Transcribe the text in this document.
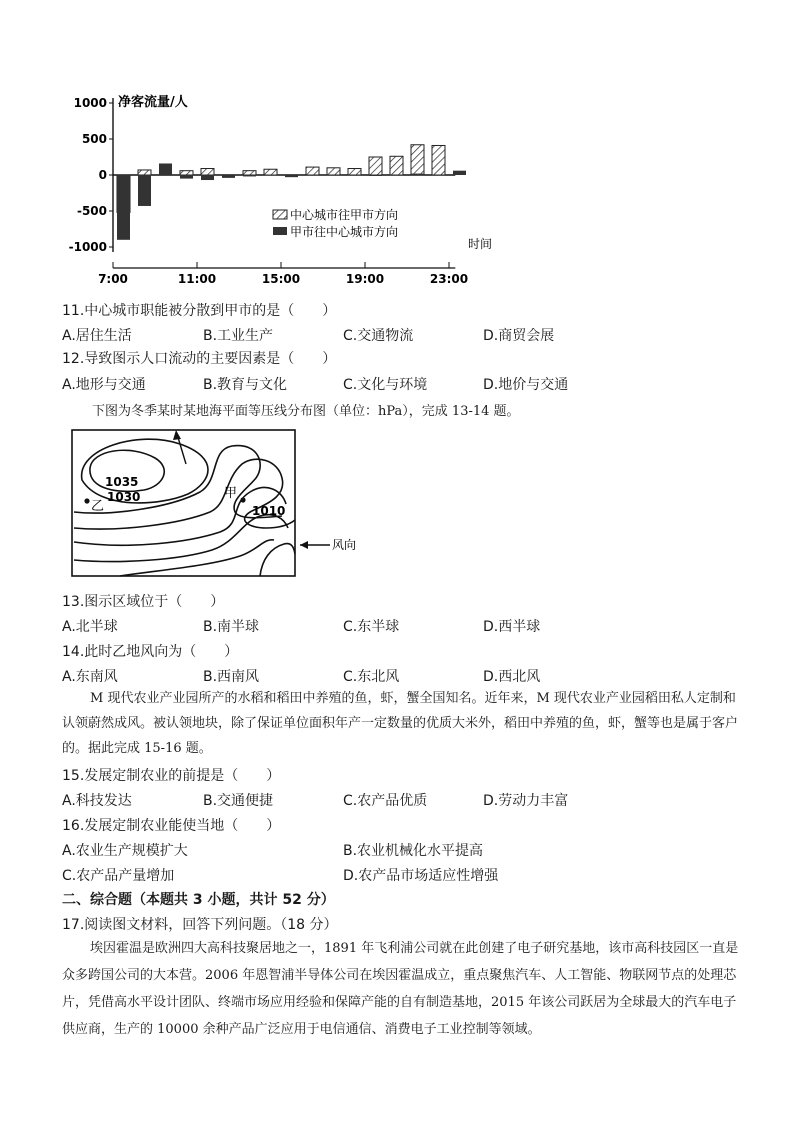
1000
500
0
-500
-1000
7:00	11:00	15:00	19:00	23:00
净客流量/人
时间
中心城市往甲市方向
甲市往中心城市方向
11.中心城市职能被分散到甲市的是（　　）
A.居住生活	B.工业生产	C.交通物流	D.商贸会展
12.导致图示人口流动的主要因素是（　　）
A.地形与交通	B.教育与文化	C.文化与环境	D.地价与交通
下图为冬季某时某地海平面等压线分布图（单位：hPa），完成 13-14 题。
1035
1030
1010
乙
甲
风向
13.图示区域位于（　　）
A.北半球	B.南半球	C.东半球	D.西半球
14.此时乙地风向为（　　）
A.东南风	B.西南风	C.东北风	D.西北风
M 现代农业产业园所产的水稻和稻田中养殖的鱼，虾，蟹全国知名。近年来，M 现代农业产业园稻田私人定制和认领蔚然成风。被认领地块，除了保证单位面积年产一定数量的优质大米外，稻田中养殖的鱼，虾，蟹等也是属于客户的。据此完成 15-16 题。
15.发展定制农业的前提是（　　）
A.科技发达	B.交通便捷	C.农产品优质	D.劳动力丰富
16.发展定制农业能使当地（　　）
A.农业生产规模扩大	B.农业机械化水平提高
C.农产品产量增加	D.农产品市场适应性增强
二、综合题（本题共 3 小题，共计 52 分）
17.阅读图文材料，回答下列问题。（18 分）
埃因霍温是欧洲四大高科技聚居地之一，1891 年飞利浦公司就在此创建了电子研究基地，该市高科技园区一直是众多跨国公司的大本营。2006 年恩智浦半导体公司在埃因霍温成立，重点聚焦汽车、人工智能、物联网节点的处理芯片，凭借高水平设计团队、终端市场应用经验和保障产能的自有制造基地，2015 年该公司跃居为全球最大的汽车电子供应商，生产的 10000 余种产品广泛应用于电信通信、消费电子工业控制等领域。
